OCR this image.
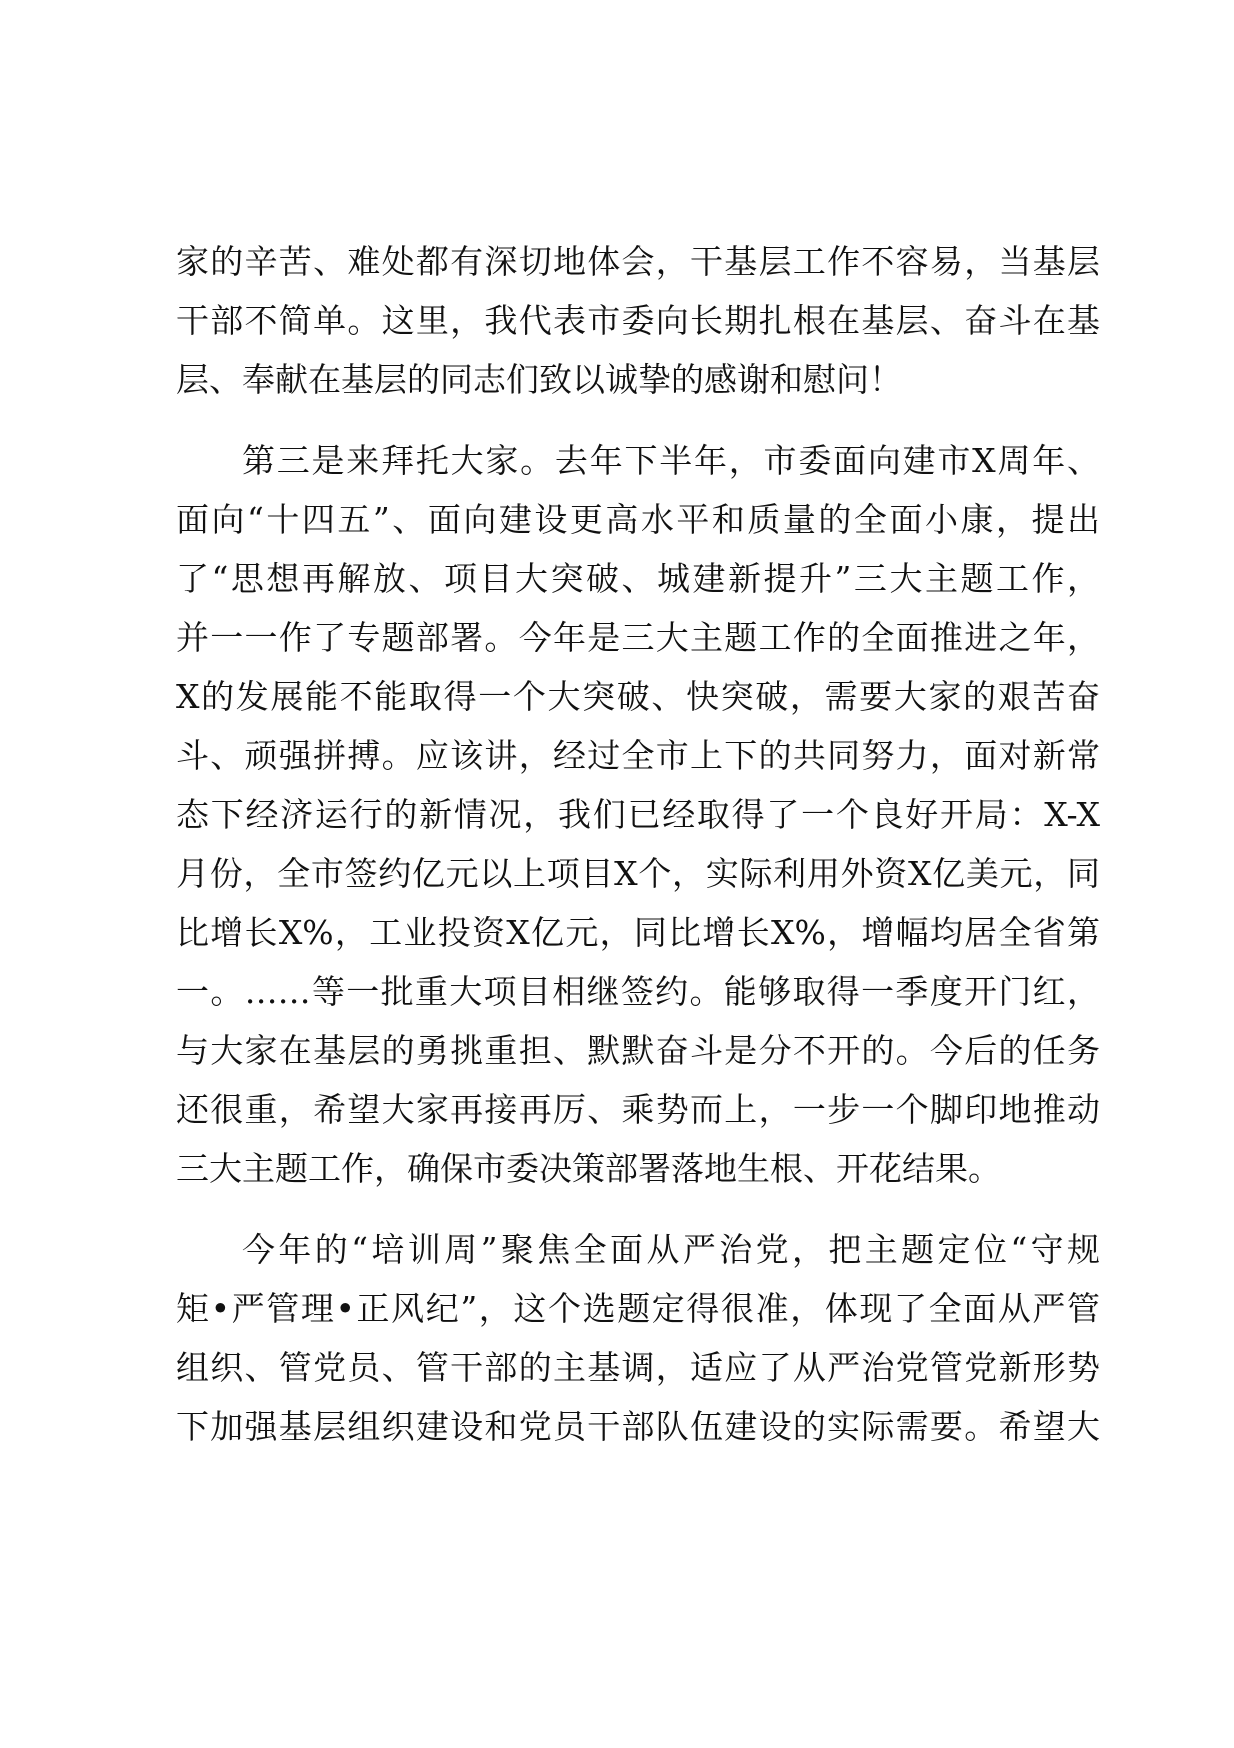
家的辛苦、难处都有深切地体会，干基层工作不容易，当基层
干部不简单。这里，我代表市委向长期扎根在基层、奋斗在基
层、奉献在基层的同志们致以诚挚的感谢和慰问！
第三是来拜托大家。去年下半年，市委面向建市X周年、
面向“十四五”、面向建设更高水平和质量的全面小康，提出
了“思想再解放、项目大突破、城建新提升”三大主题工作，
并一一作了专题部署。今年是三大主题工作的全面推进之年，
X的发展能不能取得一个大突破、快突破，需要大家的艰苦奋
斗、顽强拼搏。应该讲，经过全市上下的共同努力，面对新常
态下经济运行的新情况，我们已经取得了一个良好开局：X-X
月份，全市签约亿元以上项目X个，实际利用外资X亿美元，同
比增长X%，工业投资X亿元，同比增长X%，增幅均居全省第
一。……等一批重大项目相继签约。能够取得一季度开门红，
与大家在基层的勇挑重担、默默奋斗是分不开的。今后的任务
还很重，希望大家再接再厉、乘势而上，一步一个脚印地推动
三大主题工作，确保市委决策部署落地生根、开花结果。
今年的“培训周”聚焦全面从严治党，把主题定位“守规
矩•严管理•正风纪”，这个选题定得很准，体现了全面从严管
组织、管党员、管干部的主基调，适应了从严治党管党新形势
下加强基层组织建设和党员干部队伍建设的实际需要。希望大
